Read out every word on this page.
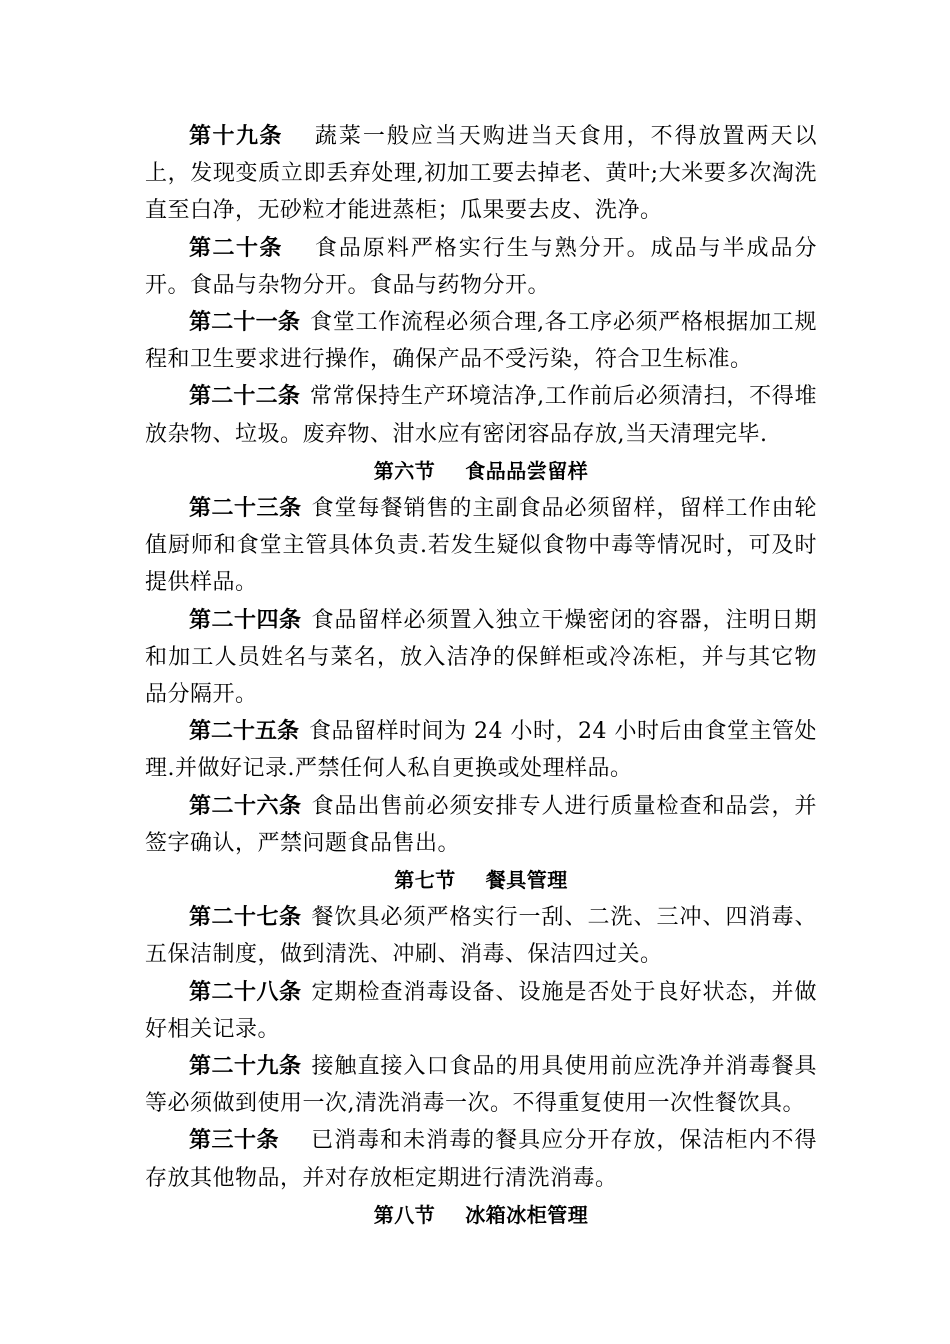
第十九条 蔬菜一般应当天购进当天食用，不得放置两天以上，发现变质立即丢弃处理,初加工要去掉老、黄叶;大米要多次淘洗直至白净，无砂粒才能进蒸柜；瓜果要去皮、洗净。

第二十条 食品原料严格实行生与熟分开。成品与半成品分开。食品与杂物分开。食品与药物分开。

第二十一条 食堂工作流程必须合理,各工序必须严格根据加工规程和卫生要求进行操作，确保产品不受污染，符合卫生标准。

第二十二条 常常保持生产环境洁净,工作前后必须清扫，不得堆放杂物、垃圾。废弃物、泔水应有密闭容品存放,当天清理完毕.

第六节 食品品尝留样

第二十三条 食堂每餐销售的主副食品必须留样，留样工作由轮值厨师和食堂主管具体负责.若发生疑似食物中毒等情况时，可及时提供样品。

第二十四条 食品留样必须置入独立干燥密闭的容器，注明日期和加工人员姓名与菜名，放入洁净的保鲜柜或冷冻柜，并与其它物品分隔开。

第二十五条 食品留样时间为 24 小时，24 小时后由食堂主管处理.并做好记录.严禁任何人私自更换或处理样品。

第二十六条 食品出售前必须安排专人进行质量检查和品尝，并签字确认，严禁问题食品售出。

第七节 餐具管理

第二十七条 餐饮具必须严格实行一刮、二洗、三冲、四消毒、五保洁制度，做到清洗、冲刷、消毒、保洁四过关。

第二十八条 定期检查消毒设备、设施是否处于良好状态，并做好相关记录。

第二十九条 接触直接入口食品的用具使用前应洗净并消毒餐具等必须做到使用一次,清洗消毒一次。不得重复使用一次性餐饮具。

第三十条 已消毒和未消毒的餐具应分开存放，保洁柜内不得存放其他物品，并对存放柜定期进行清洗消毒。

第八节 冰箱冰柜管理
